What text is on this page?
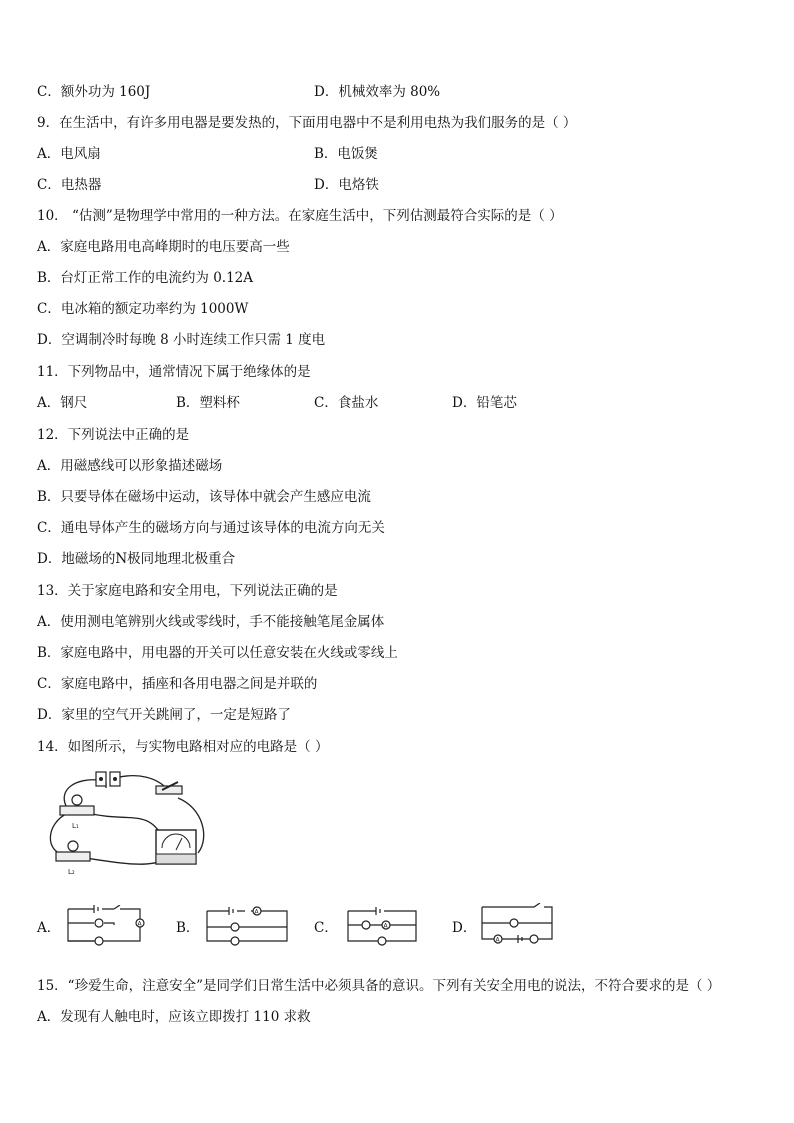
C．额外功为 160J	D．机械效率为 80%
9．在生活中，有许多用电器是要发热的，下面用电器中不是利用电热为我们服务的是（ ）
A．电风扇	B．电饭煲
C．电热器	D．电烙铁
10． “估测”是物理学中常用的一种方法。在家庭生活中，下列估测最符合实际的是（ ）
A．家庭电路用电高峰期时的电压要高一些
B．台灯正常工作的电流约为 0.12A
C．电冰箱的额定功率约为 1000W
D．空调制冷时每晚 8 小时连续工作只需 1 度电
11．下列物品中，通常情况下属于绝缘体的是
A．钢尺	B．塑料杯	C．食盐水	D．铅笔芯
12．下列说法中正确的是
A．用磁感线可以形象描述磁场
B．只要导体在磁场中运动，该导体中就会产生感应电流
C．通电导体产生的磁场方向与通过该导体的电流方向无关
D．地磁场的N极同地理北极重合
13．关于家庭电路和安全用电，下列说法正确的是
A．使用测电笔辨别火线或零线时，手不能接触笔尾金属体
B．家庭电路中，用电器的开关可以任意安装在火线或零线上
C．家庭电路中，插座和各用电器之间是并联的
D．家里的空气开关跳闸了，一定是短路了
14．如图所示，与实物电路相对应的电路是（ ）
L₁
L₂
A．	A	B．
A
C．	A	D．
A
15．“珍爱生命，注意安全”是同学们日常生活中必须具备的意识。下列有关安全用电的说法，不符合要求的是（ ）
A．发现有人触电时，应该立即拨打 110 求救
